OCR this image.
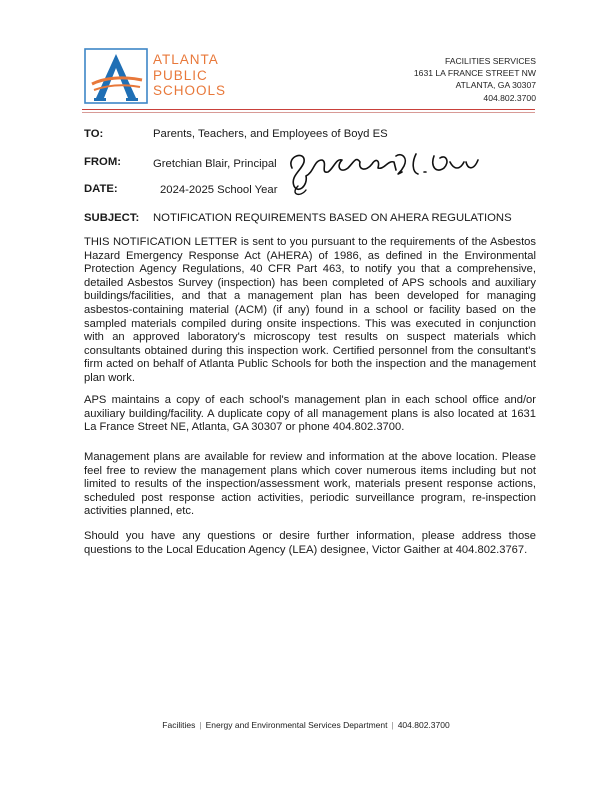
ATLANTA
PUBLIC
SCHOOLS
FACILITIES SERVICES
1631 LA FRANCE STREET NW
ATLANTA, GA 30307
404.802.3700
TO:	Parents, Teachers, and Employees of Boyd ES
FROM:	Gretchian Blair, Principal
DATE:	2024-2025 School Year
SUBJECT: NOTIFICATION REQUIREMENTS BASED ON AHERA REGULATIONS
THIS NOTIFICATION LETTER is sent to you pursuant to the requirements of the Asbestos Hazard Emergency Response Act (AHERA) of 1986, as defined in the Environmental Protection Agency Regulations, 40 CFR Part 463, to notify you that a comprehensive, detailed Asbestos Survey (inspection) has been completed of APS schools and auxiliary buildings/facilities, and that a management plan has been developed for managing asbestos-containing material (ACM) (if any) found in a school or facility based on the sampled materials compiled during onsite inspections. This was executed in conjunction with an approved laboratory's microscopy test results on suspect materials which consultants obtained during this inspection work. Certified personnel from the consultant's firm acted on behalf of Atlanta Public Schools for both the inspection and the management plan work.
APS maintains a copy of each school's management plan in each school office and/or auxiliary building/facility. A duplicate copy of all management plans is also located at 1631 La France Street NE, Atlanta, GA 30307 or phone 404.802.3700.
Management plans are available for review and information at the above location. Please feel free to review the management plans which cover numerous items including but not limited to results of the inspection/assessment work, materials present response actions, scheduled post response action activities, periodic surveillance program, re-inspection activities planned, etc.
Should you have any questions or desire further information, please address those questions to the Local Education Agency (LEA) designee, Victor Gaither at 404.802.3767.
Facilities | Energy and Environmental Services Department | 404.802.3700
